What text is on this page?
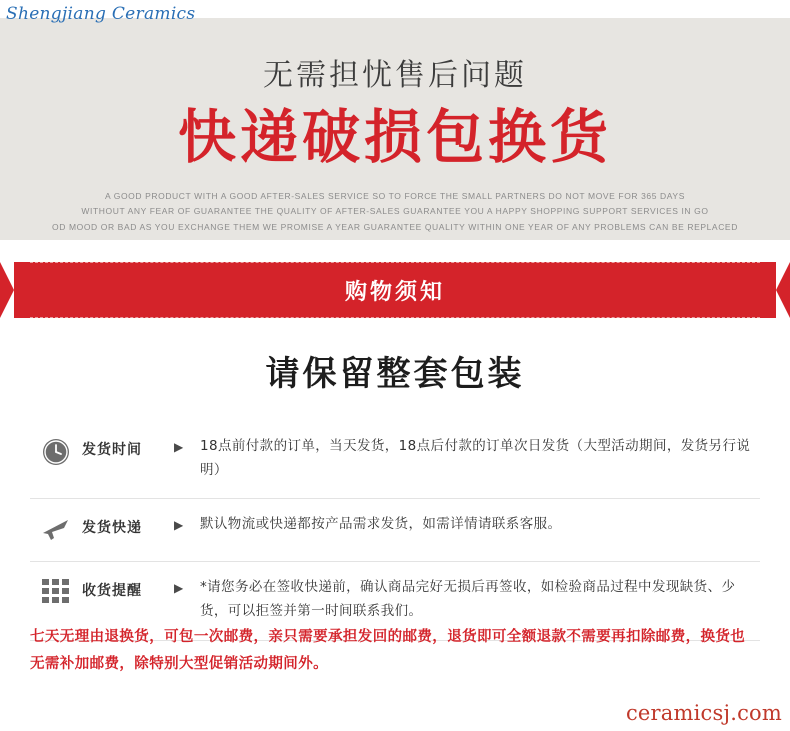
Shengjiang Ceramics
无需担忧售后问题
快递破损包换货
A GOOD PRODUCT WITH A GOOD AFTER-SALES SERVICE SO TO FORCE THE SMALL PARTNERS DO NOT MOVE FOR 365 DAYS
WITHOUT ANY FEAR OF GUARANTEE THE QUALITY OF AFTER-SALES GUARANTEE YOU A HAPPY SHOPPING SUPPORT SERVICES IN GO
OD MOOD OR BAD AS YOU EXCHANGE THEM WE PROMISE A YEAR GUARANTEE QUALITY WITHIN ONE YEAR OF ANY PROBLEMS CAN BE REPLACED
购物须知
请保留整套包装
发货时间	▶	18点前付款的订单，当天发货，18点后付款的订单次日发货（大型活动期间，发货另行说明）
发货快递	▶	默认物流或快递都按产品需求发货，如需详情请联系客服。
收货提醒	▶	*请您务必在签收快递前，确认商品完好无损后再签收，如检验商品过程中发现缺货、少货，可以拒签并第一时间联系我们。
七天无理由退换货，可包一次邮费，亲只需要承担发回的邮费，退货即可全额退款不需要再扣除邮费，换货也无需补加邮费，除特别大型促销活动期间外。
ceramicsj.com
